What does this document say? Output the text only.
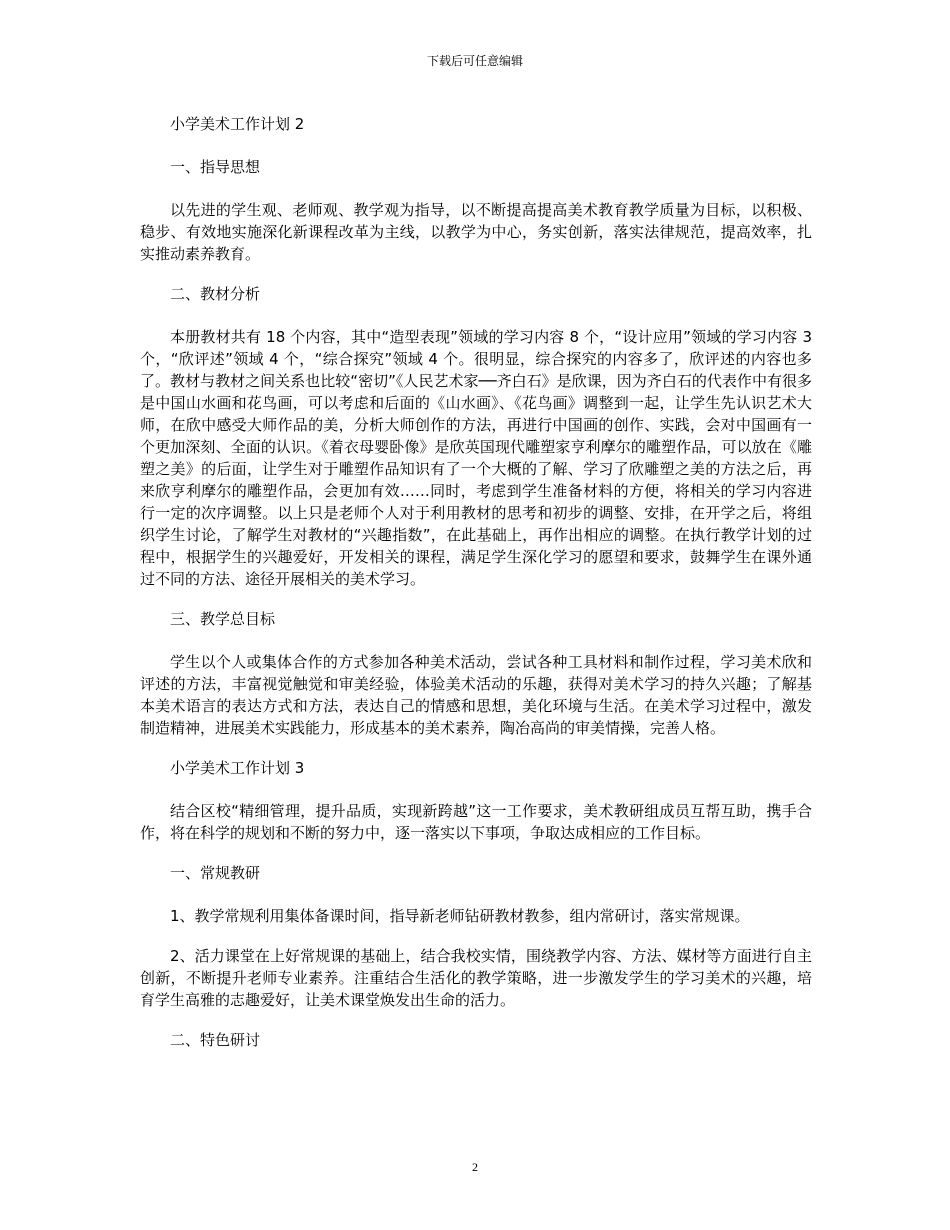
下载后可任意编辑

小学美术工作计划 2

一、指导思想

以先进的学生观、老师观、教学观为指导，以不断提高提高美术教育教学质量为目标，以积极、稳步、有效地实施深化新课程改革为主线，以教学为中心，务实创新，落实法律规范，提高效率，扎实推动素养教育。

二、教材分析

本册教材共有 18 个内容，其中“造型表现”领域的学习内容 8 个，“设计应用”领域的学习内容 3 个，“欣评述”领域 4 个，“综合探究”领域 4 个。很明显，综合探究的内容多了，欣评述的内容也多了。教材与教材之间关系也比较“密切”《人民艺术家──齐白石》是欣课，因为齐白石的代表作中有很多是中国山水画和花鸟画，可以考虑和后面的《山水画》、《花鸟画》调整到一起，让学生先认识艺术大师，在欣中感受大师作品的美，分析大师创作的方法，再进行中国画的创作、实践，会对中国画有一个更加深刻、全面的认识。《着衣母婴卧像》是欣英国现代雕塑家亨利摩尔的雕塑作品，可以放在《雕塑之美》的后面，让学生对于雕塑作品知识有了一个大概的了解、学习了欣雕塑之美的方法之后，再来欣亨利摩尔的雕塑作品，会更加有效……同时，考虑到学生准备材料的方便，将相关的学习内容进行一定的次序调整。以上只是老师个人对于利用教材的思考和初步的调整、安排，在开学之后，将组织学生讨论，了解学生对教材的“兴趣指数”，在此基础上，再作出相应的调整。在执行教学计划的过程中，根据学生的兴趣爱好，开发相关的课程，满足学生深化学习的愿望和要求，鼓舞学生在课外通过不同的方法、途径开展相关的美术学习。

三、教学总目标

学生以个人或集体合作的方式参加各种美术活动，尝试各种工具材料和制作过程，学习美术欣和评述的方法，丰富视觉触觉和审美经验，体验美术活动的乐趣，获得对美术学习的持久兴趣；了解基本美术语言的表达方式和方法，表达自己的情感和思想，美化环境与生活。在美术学习过程中，激发制造精神，进展美术实践能力，形成基本的美术素养，陶冶高尚的审美情操，完善人格。

小学美术工作计划 3

结合区校“精细管理，提升品质，实现新跨越”这一工作要求，美术教研组成员互帮互助，携手合作，将在科学的规划和不断的努力中，逐一落实以下事项，争取达成相应的工作目标。

一、常规教研

1、教学常规利用集体备课时间，指导新老师钻研教材教参，组内常研讨，落实常规课。

2、活力课堂在上好常规课的基础上，结合我校实情，围绕教学内容、方法、媒材等方面进行自主创新，不断提升老师专业素养。注重结合生活化的教学策略，进一步激发学生的学习美术的兴趣，培育学生高雅的志趣爱好，让美术课堂焕发出生命的活力。

二、特色研讨

2
